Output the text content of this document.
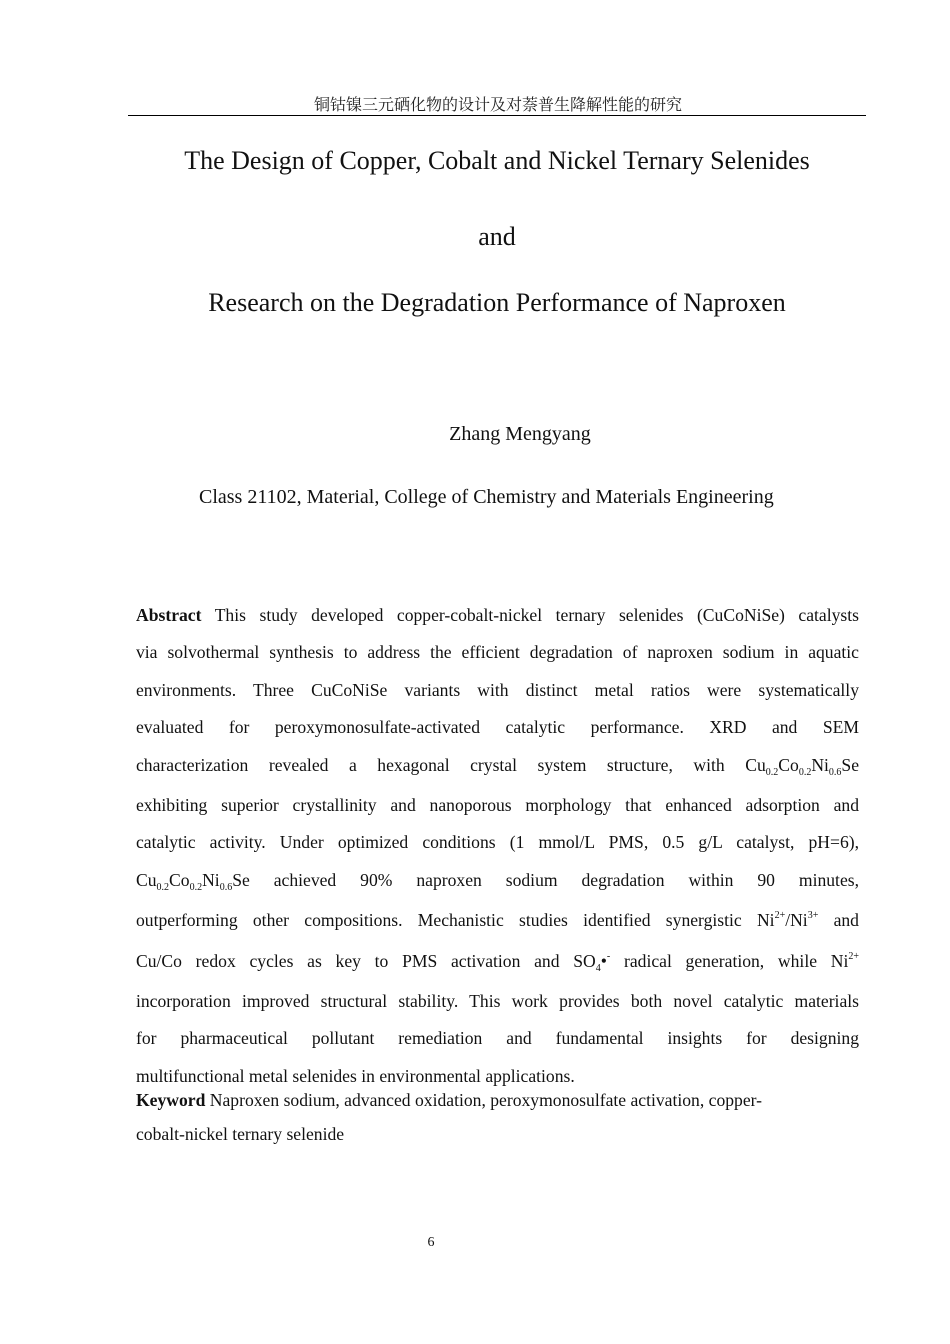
铜钴镍三元硒化物的设计及对萘普生降解性能的研究
The Design of Copper, Cobalt and Nickel Ternary Selenides
and
Research on the Degradation Performance of Naproxen
Zhang Mengyang
Class 21102, Material, College of Chemistry and Materials Engineering

Abstract This study developed copper-cobalt-nickel ternary selenides (CuCoNiSe) catalysts

via solvothermal synthesis to address the efficient degradation of naproxen sodium in aquatic

environments. Three CuCoNiSe variants with distinct metal ratios were systematically

evaluated for peroxymonosulfate-activated catalytic performance. XRD and SEM

characterization revealed a hexagonal crystal system structure, with $Cu_{0.2}Co_{0.2}Ni_{0.6}Se$

exhibiting superior crystallinity and nanoporous morphology that enhanced adsorption and

catalytic activity. Under optimized conditions (1 mmol/L PMS, 0.5 g/L catalyst, pH=6),

$Cu_{0.2}Co_{0.2}Ni_{0.6}Se$ achieved 90% naproxen sodium degradation within 90 minutes,

outperforming other compositions. Mechanistic studies identified synergistic $Ni^{2+}/Ni^{3+}$ and

Cu/Co redox cycles as key to PMS activation and $SO_4•^-$ radical generation, while $Ni^{2+}$

incorporation improved structural stability. This work provides both novel catalytic materials

for pharmaceutical pollutant remediation and fundamental insights for designing

multifunctional metal selenides in environmental applications.

Keyword Naproxen sodium, advanced oxidation, peroxymonosulfate activation, copper-
cobalt-nickel ternary selenide
6
